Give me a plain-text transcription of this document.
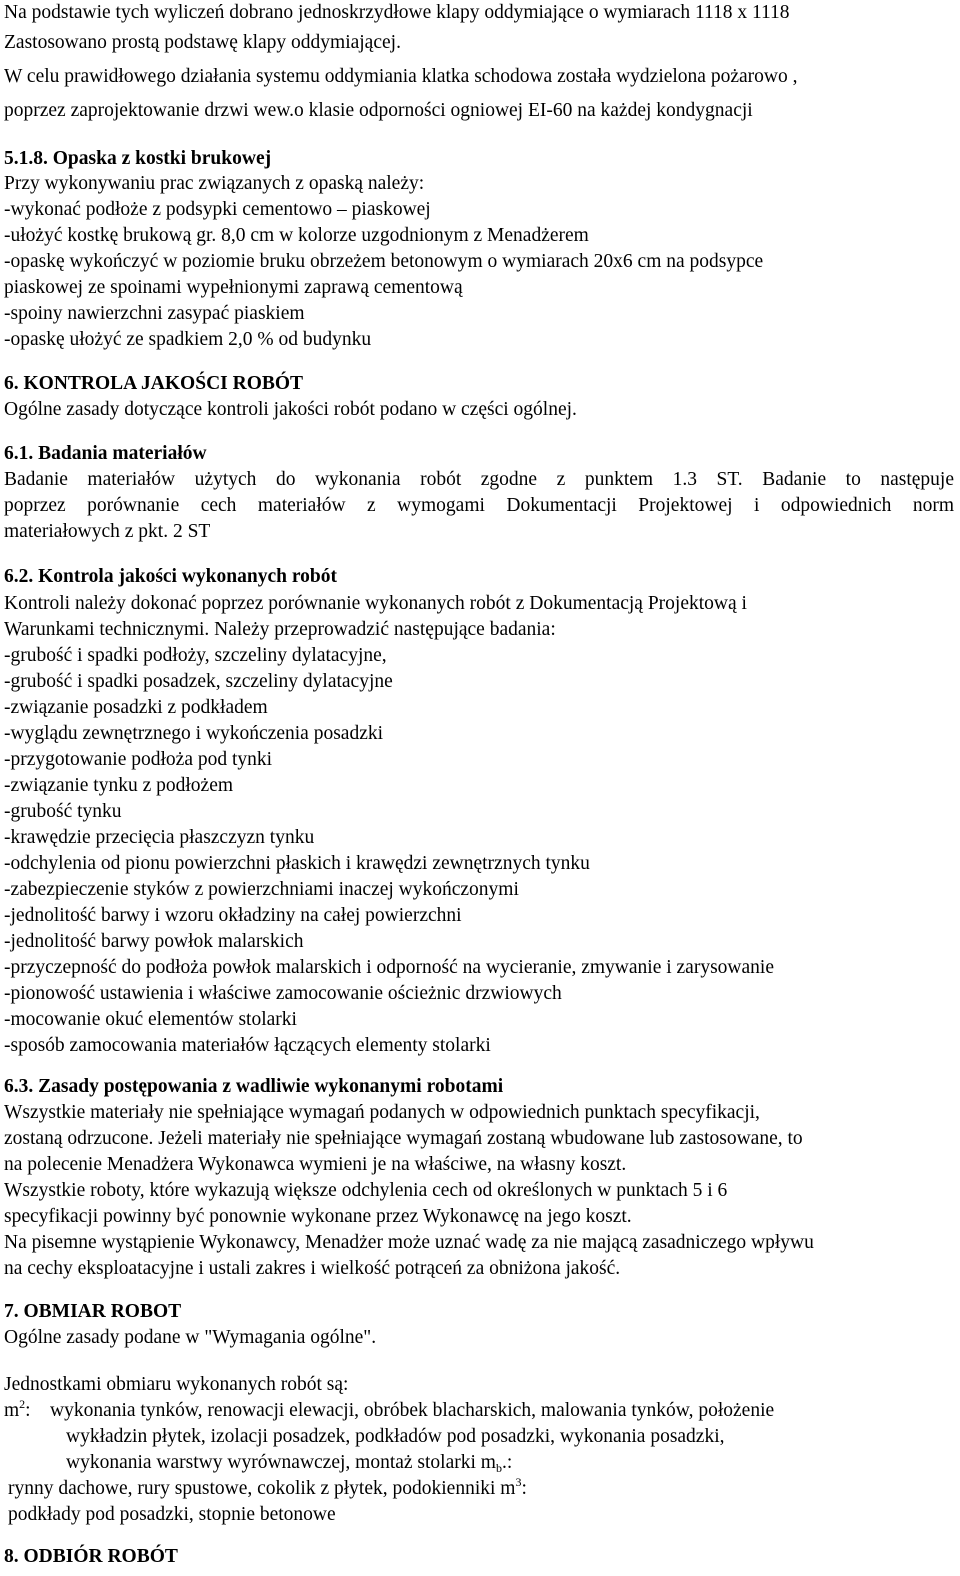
Na podstawie tych wyliczeń dobrano jednoskrzydłowe klapy oddymiające o wymiarach 1118 x 1118
Zastosowano prostą podstawę klapy oddymiającej.
W celu prawidłowego działania systemu oddymiania klatka schodowa została wydzielona pożarowo ,
poprzez zaprojektowanie drzwi wew.o klasie odporności ogniowej EI-60 na każdej kondygnacji
5.1.8. Opaska z kostki brukowej
Przy wykonywaniu prac związanych z opaską należy:
-wykonać podłoże z podsypki cementowo – piaskowej
-ułożyć kostkę brukową gr. 8,0 cm w kolorze uzgodnionym z Menadżerem
-opaskę wykończyć w poziomie bruku obrzeżem betonowym o wymiarach 20x6 cm na podsypce
piaskowej ze spoinami wypełnionymi zaprawą cementową
-spoiny nawierzchni zasypać piaskiem
-opaskę ułożyć ze spadkiem 2,0 % od budynku
6. KONTROLA JAKOŚCI ROBÓT
Ogólne zasady dotyczące kontroli jakości robót podano w części ogólnej.
6.1. Badania materiałów
Badanie materiałów użytych do wykonania robót zgodne z punktem 1.3 ST. Badanie to następuje
poprzez porównanie cech materiałów z wymogami Dokumentacji Projektowej i odpowiednich norm
materiałowych z pkt. 2 ST
6.2. Kontrola jakości wykonanych robót
Kontroli należy dokonać poprzez porównanie wykonanych robót z Dokumentacją Projektową i
Warunkami technicznymi. Należy przeprowadzić następujące badania:
-grubość i spadki podłoży, szczeliny dylatacyjne,
-grubość i spadki posadzek, szczeliny dylatacyjne
-związanie posadzki z podkładem
-wyglądu zewnętrznego i wykończenia posadzki
-przygotowanie podłoża pod tynki
-związanie tynku z podłożem
-grubość tynku
-krawędzie przecięcia płaszczyzn tynku
-odchylenia od pionu powierzchni płaskich i krawędzi zewnętrznych tynku
-zabezpieczenie styków z powierzchniami inaczej wykończonymi
-jednolitość barwy i wzoru okładziny na całej powierzchni
-jednolitość barwy powłok malarskich
-przyczepność do podłoża powłok malarskich i odporność na wycieranie, zmywanie i zarysowanie
-pionowość ustawienia i właściwe zamocowanie ościeżnic drzwiowych
-mocowanie okuć elementów stolarki
-sposób zamocowania materiałów łączących elementy stolarki
6.3. Zasady postępowania z wadliwie wykonanymi robotami
Wszystkie materiały nie spełniające wymagań podanych w odpowiednich punktach specyfikacji,
zostaną odrzucone. Jeżeli materiały nie spełniające wymagań zostaną wbudowane lub zastosowane, to
na polecenie Menadżera Wykonawca wymieni je na właściwe, na własny koszt.
Wszystkie roboty, które wykazują większe odchylenia cech od określonych w punktach 5 i 6
specyfikacji powinny być ponownie wykonane przez Wykonawcę na jego koszt.
Na pisemne wystąpienie Wykonawcy, Menadżer może uznać wadę za nie mającą zasadniczego wpływu
na cechy eksploatacyjne i ustali zakres i wielkość potrąceń za obniżona jakość.
7. OBMIAR ROBOT
Ogólne zasady podane w "Wymagania ogólne".
Jednostkami obmiaru wykonanych robót są:
$m^2$: wykonania tynków, renowacji elewacji, obróbek blacharskich, malowania tynków, położenie
wykładzin płytek, izolacji posadzek, podkładów pod posadzki, wykonania posadzki,
wykonania warstwy wyrównawczej, montaż stolarki $m_b$.:
rynny dachowe, rury spustowe, cokolik z płytek, podokienniki $m^3$:
podkłady pod posadzki, stopnie betonowe
8. ODBIÓR ROBÓT
